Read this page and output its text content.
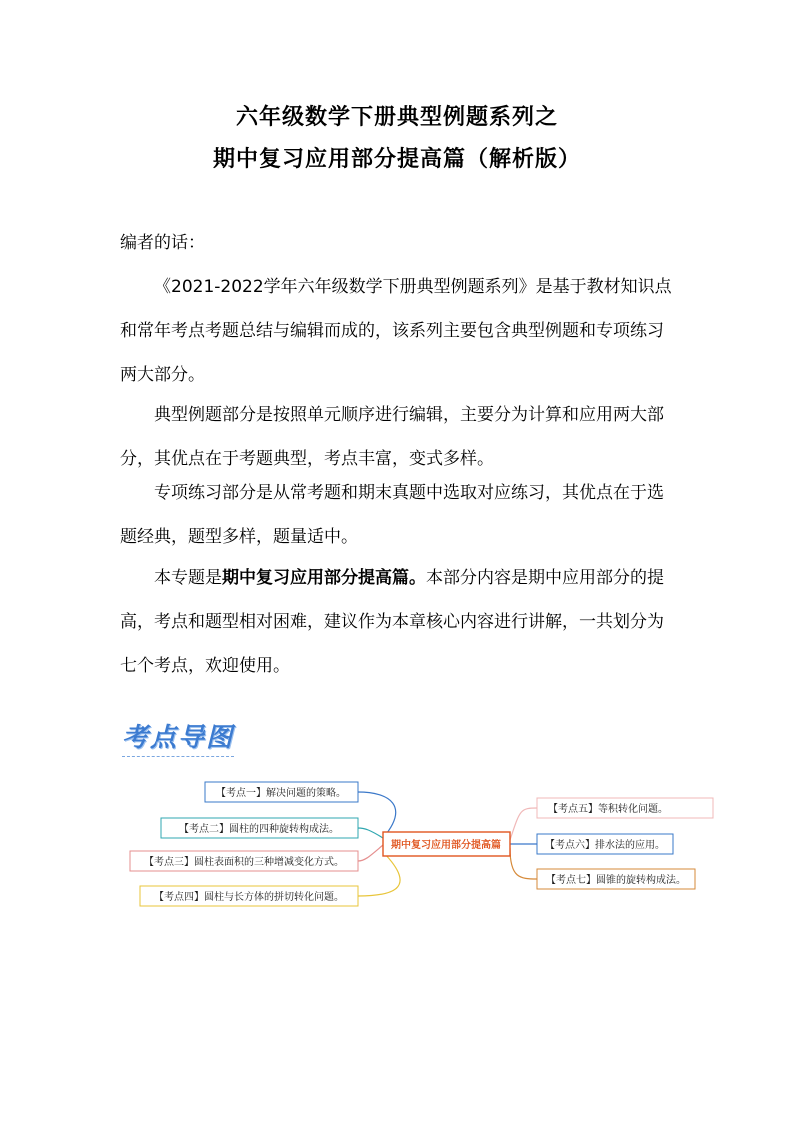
六年级数学下册典型例题系列之
期中复习应用部分提高篇（解析版）

编者的话：

《2021-2022学年六年级数学下册典型例题系列》是基于教材知识点和常年考点考题总结与编辑而成的，该系列主要包含典型例题和专项练习两大部分。

典型例题部分是按照单元顺序进行编辑，主要分为计算和应用两大部分，其优点在于考题典型，考点丰富，变式多样。

专项练习部分是从常考题和期末真题中选取对应练习，其优点在于选题经典，题型多样，题量适中。

本专题是期中复习应用部分提高篇。本部分内容是期中应用部分的提高，考点和题型相对困难，建议作为本章核心内容进行讲解，一共划分为七个考点，欢迎使用。

考点导图
期中复习应用部分提高篇
【考点一】解决问题的策略。
【考点二】圆柱的四种旋转构成法。
【考点三】圆柱表面积的三种增减变化方式。
【考点四】圆柱与长方体的拼切转化问题。
【考点五】等积转化问题。
【考点六】排水法的应用。
【考点七】圆锥的旋转构成法。
